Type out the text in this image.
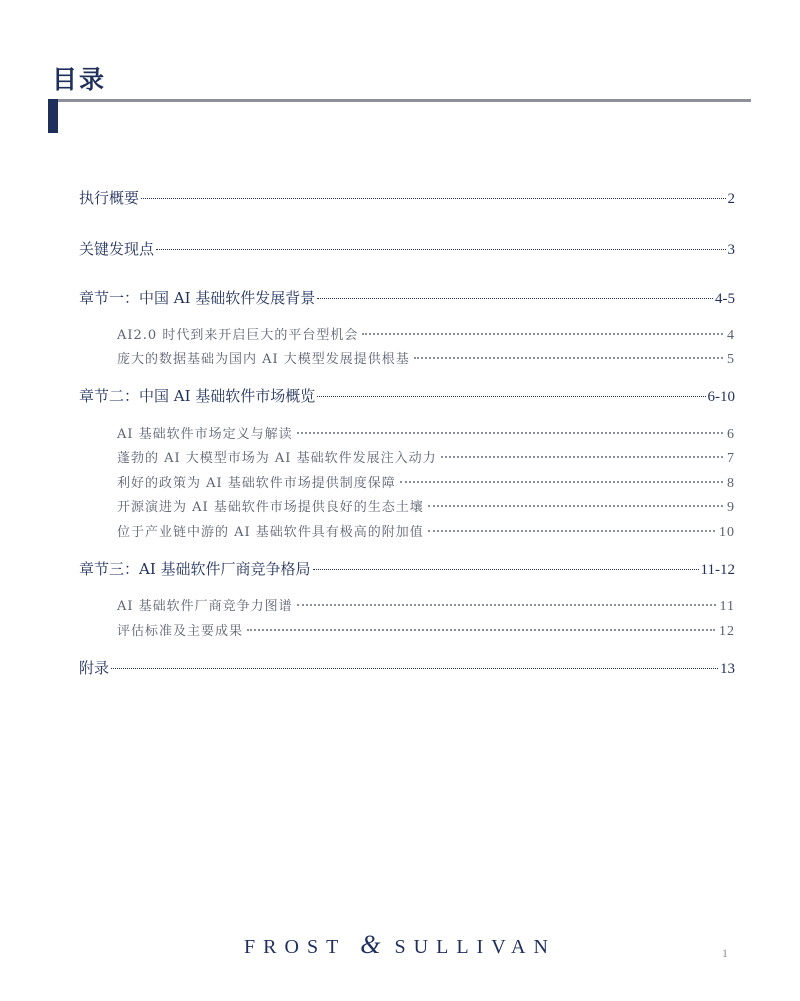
目录
执行概要	2
关键发现点	3
章节一：中国 AI 基础软件发展背景	4-5
AI2.0 时代到来开启巨大的平台型机会	4
庞大的数据基础为国内 AI 大模型发展提供根基	5
章节二：中国 AI 基础软件市场概览	6-10
AI 基础软件市场定义与解读	6
蓬勃的 AI 大模型市场为 AI 基础软件发展注入动力	7
利好的政策为 AI 基础软件市场提供制度保障	8
开源演进为 AI 基础软件市场提供良好的生态土壤	9
位于产业链中游的 AI 基础软件具有极高的附加值	10
章节三：AI 基础软件厂商竞争格局	11-12
AI 基础软件厂商竞争力图谱	11
评估标准及主要成果	12
附录	13
FROST & SULLIVAN	1
